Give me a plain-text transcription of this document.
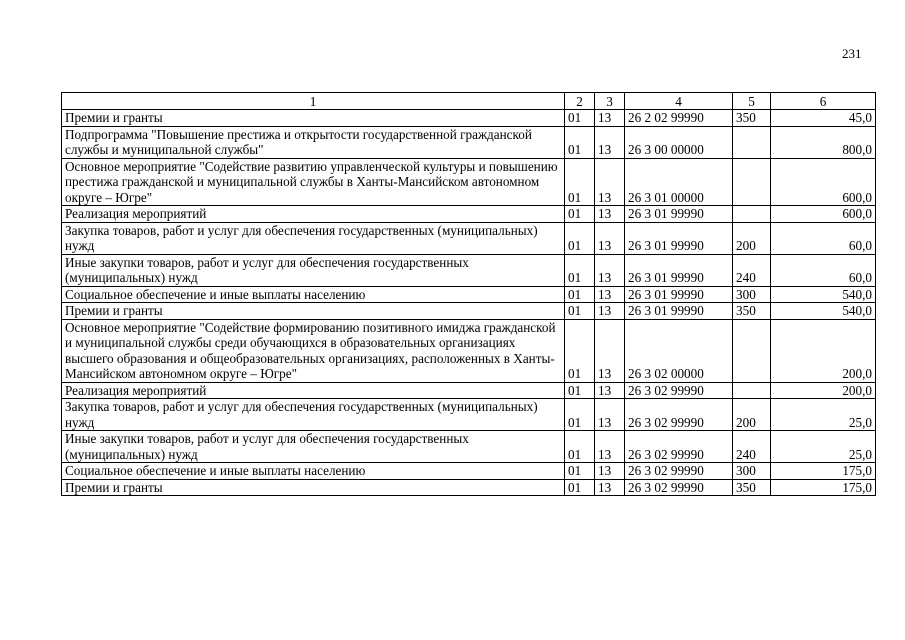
231
1	2	3	4	5	6
Премии и гранты	01	13	26 2 02 99990	350	45,0
Подпрограмма "Повышение престижа и открытости государственной гражданской службы и муниципальной службы"	01	13	26 3 00 00000		800,0
Основное мероприятие "Содействие развитию управленческой культуры и повышению престижа гражданской и муниципальной службы в Ханты-Мансийском автономном округе – Югре"	01	13	26 3 01 00000		600,0
Реализация мероприятий	01	13	26 3 01 99990		600,0
Закупка товаров, работ и услуг для обеспечения государственных (муниципальных) нужд	01	13	26 3 01 99990	200	60,0
Иные закупки товаров, работ и услуг для обеспечения государственных (муниципальных) нужд	01	13	26 3 01 99990	240	60,0
Социальное обеспечение и иные выплаты населению	01	13	26 3 01 99990	300	540,0
Премии и гранты	01	13	26 3 01 99990	350	540,0
Основное мероприятие "Содействие формированию позитивного имиджа гражданской и муниципальной службы среди обучающихся в образовательных организациях высшего образования и общеобразовательных организациях, расположенных в Ханты-Мансийском автономном округе – Югре"	01	13	26 3 02 00000		200,0
Реализация мероприятий	01	13	26 3 02 99990		200,0
Закупка товаров, работ и услуг для обеспечения государственных (муниципальных) нужд	01	13	26 3 02 99990	200	25,0
Иные закупки товаров, работ и услуг для обеспечения государственных (муниципальных) нужд	01	13	26 3 02 99990	240	25,0
Социальное обеспечение и иные выплаты населению	01	13	26 3 02 99990	300	175,0
Премии и гранты	01	13	26 3 02 99990	350	175,0
